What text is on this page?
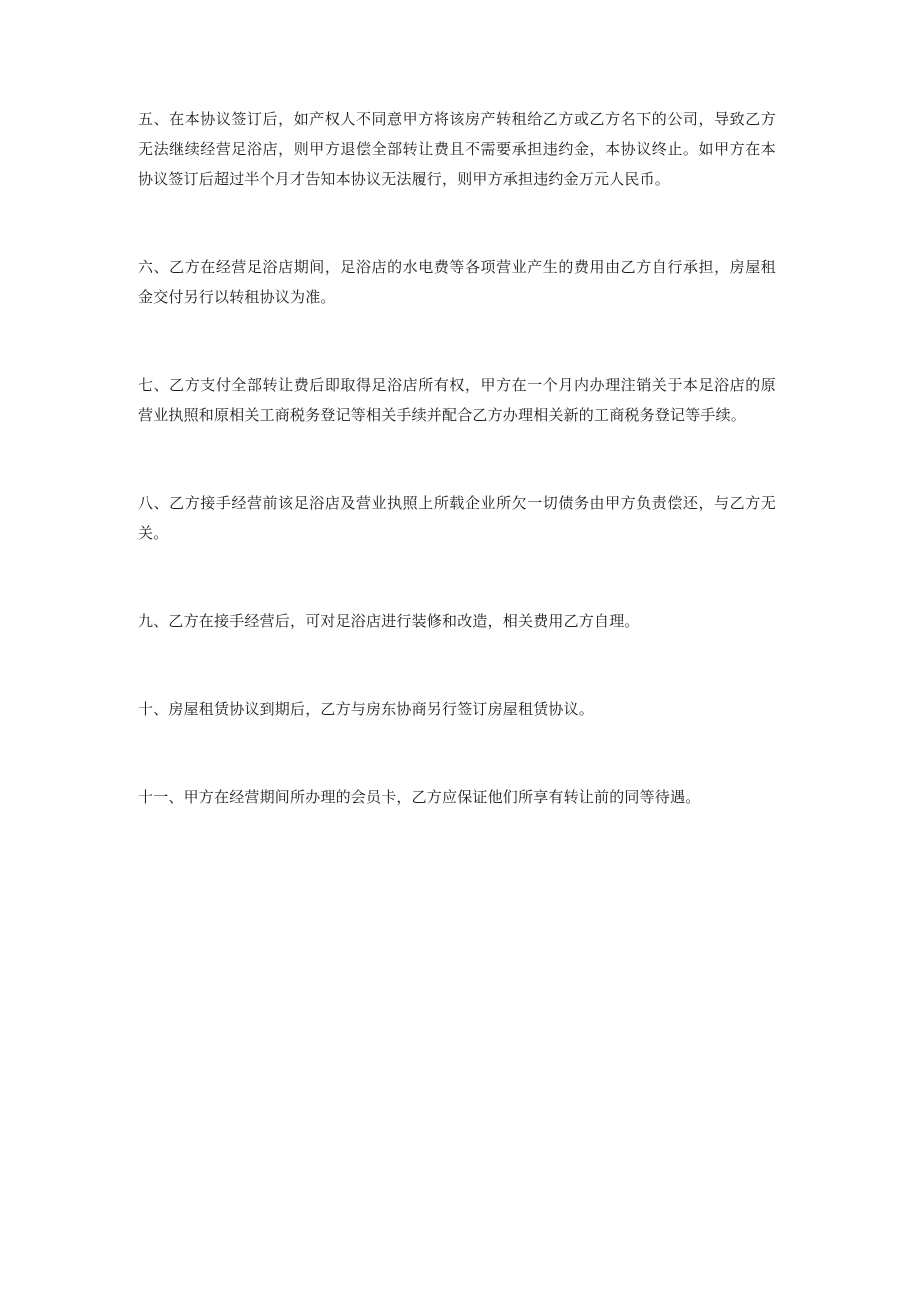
五、在本协议签订后，如产权人不同意甲方将该房产转租给乙方或乙方名下的公司，导致乙方无法继续经营足浴店，则甲方退偿全部转让费且不需要承担违约金，本协议终止。如甲方在本协议签订后超过半个月才告知本协议无法履行，则甲方承担违约金万元人民币。

六、乙方在经营足浴店期间，足浴店的水电费等各项营业产生的费用由乙方自行承担，房屋租金交付另行以转租协议为准。

七、乙方支付全部转让费后即取得足浴店所有权，甲方在一个月内办理注销关于本足浴店的原营业执照和原相关工商税务登记等相关手续并配合乙方办理相关新的工商税务登记等手续。

八、乙方接手经营前该足浴店及营业执照上所载企业所欠一切债务由甲方负责偿还，与乙方无关。

九、乙方在接手经营后，可对足浴店进行装修和改造，相关费用乙方自理。

十、房屋租赁协议到期后，乙方与房东协商另行签订房屋租赁协议。

十一、甲方在经营期间所办理的会员卡，乙方应保证他们所享有转让前的同等待遇。
